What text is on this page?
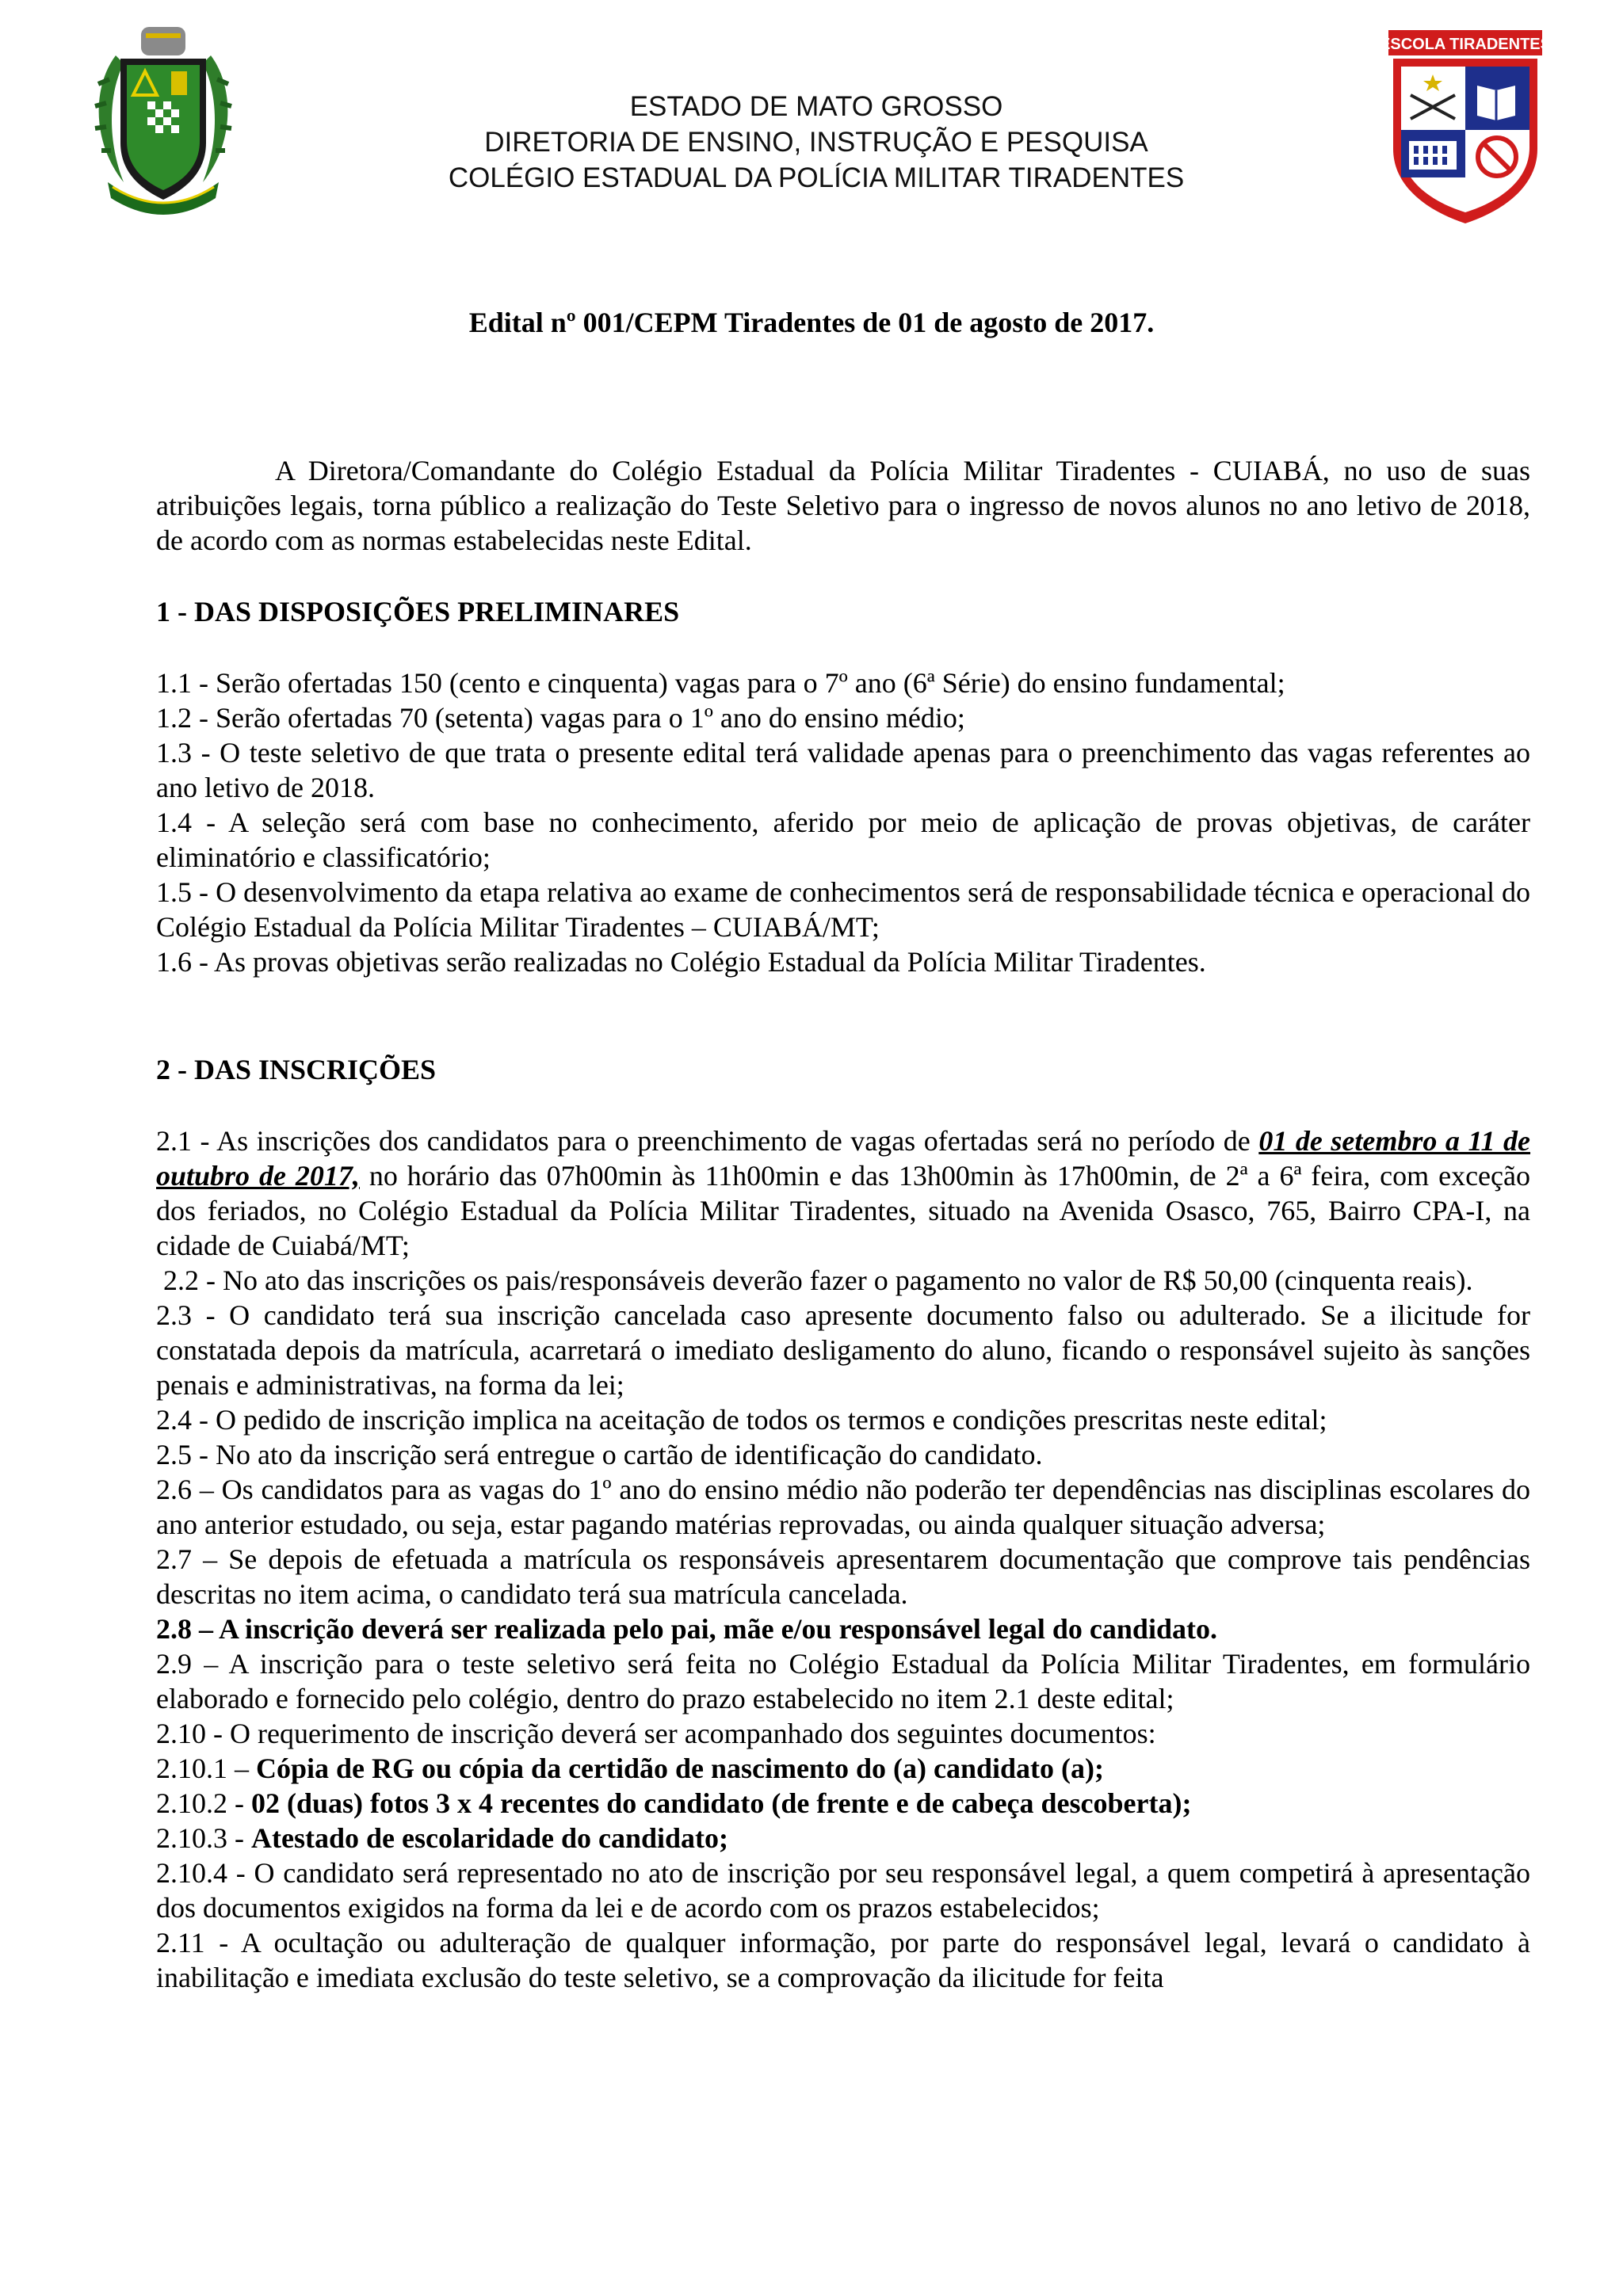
ESCOLA TIRADENTES
ESTADO DE MATO GROSSO
DIRETORIA DE ENSINO, INSTRUÇÃO E PESQUISA
COLÉGIO ESTADUAL DA POLÍCIA MILITAR TIRADENTES
Edital nº 001/CEPM Tiradentes de 01 de agosto de 2017.

A Diretora/Comandante do Colégio Estadual da Polícia Militar Tiradentes - CUIABÁ, no uso de suas atribuições legais, torna público a realização do Teste Seletivo para o ingresso de novos alunos no ano letivo de 2018, de acordo com as normas estabelecidas neste Edital.

1 - DAS DISPOSIÇÕES PRELIMINARES

1.1 - Serão ofertadas 150 (cento e cinquenta) vagas para o 7º ano (6ª Série) do ensino fundamental;

1.2 - Serão ofertadas 70 (setenta) vagas para o 1º ano do ensino médio;

1.3 - O teste seletivo de que trata o presente edital terá validade apenas para o preenchimento das vagas referentes ao ano letivo de 2018.

1.4 - A seleção será com base no conhecimento, aferido por meio de aplicação de provas objetivas, de caráter eliminatório e classificatório;

1.5 - O desenvolvimento da etapa relativa ao exame de conhecimentos será de responsabilidade técnica e operacional do Colégio Estadual da Polícia Militar Tiradentes – CUIABÁ/MT;

1.6 - As provas objetivas serão realizadas no Colégio Estadual da Polícia Militar Tiradentes.

2 - DAS INSCRIÇÕES

2.1 - As inscrições dos candidatos para o preenchimento de vagas ofertadas será no período de 01 de setembro a 11 de outubro de 2017, no horário das 07h00min às 11h00min e das 13h00min às 17h00min, de 2ª a 6ª feira, com exceção dos feriados, no Colégio Estadual da Polícia Militar Tiradentes, situado na Avenida Osasco, 765, Bairro CPA-I, na cidade de Cuiabá/MT;

2.2 - No ato das inscrições os pais/responsáveis deverão fazer o pagamento no valor de R$ 50,00 (cinquenta reais).

2.3 - O candidato terá sua inscrição cancelada caso apresente documento falso ou adulterado. Se a ilicitude for constatada depois da matrícula, acarretará o imediato desligamento do aluno, ficando o responsável sujeito às sanções penais e administrativas, na forma da lei;

2.4 - O pedido de inscrição implica na aceitação de todos os termos e condições prescritas neste edital;

2.5 - No ato da inscrição será entregue o cartão de identificação do candidato.

2.6 – Os candidatos para as vagas do 1º ano do ensino médio não poderão ter dependências nas disciplinas escolares do ano anterior estudado, ou seja, estar pagando matérias reprovadas, ou ainda qualquer situação adversa;

2.7 – Se depois de efetuada a matrícula os responsáveis apresentarem documentação que comprove tais pendências descritas no item acima, o candidato terá sua matrícula cancelada.

2.8 – A inscrição deverá ser realizada pelo pai, mãe e/ou responsável legal do candidato.

2.9 – A inscrição para o teste seletivo será feita no Colégio Estadual da Polícia Militar Tiradentes, em formulário elaborado e fornecido pelo colégio, dentro do prazo estabelecido no item 2.1 deste edital;

2.10 - O requerimento de inscrição deverá ser acompanhado dos seguintes documentos:

2.10.1 – Cópia de RG ou cópia da certidão de nascimento do (a) candidato (a);

2.10.2 - 02 (duas) fotos 3 x 4 recentes do candidato (de frente e de cabeça descoberta);

2.10.3 - Atestado de escolaridade do candidato;

2.10.4 - O candidato será representado no ato de inscrição por seu responsável legal, a quem competirá à apresentação dos documentos exigidos na forma da lei e de acordo com os prazos estabelecidos;

2.11 - A ocultação ou adulteração de qualquer informação, por parte do responsável legal, levará o candidato à inabilitação e imediata exclusão do teste seletivo, se a comprovação da ilicitude for feita
